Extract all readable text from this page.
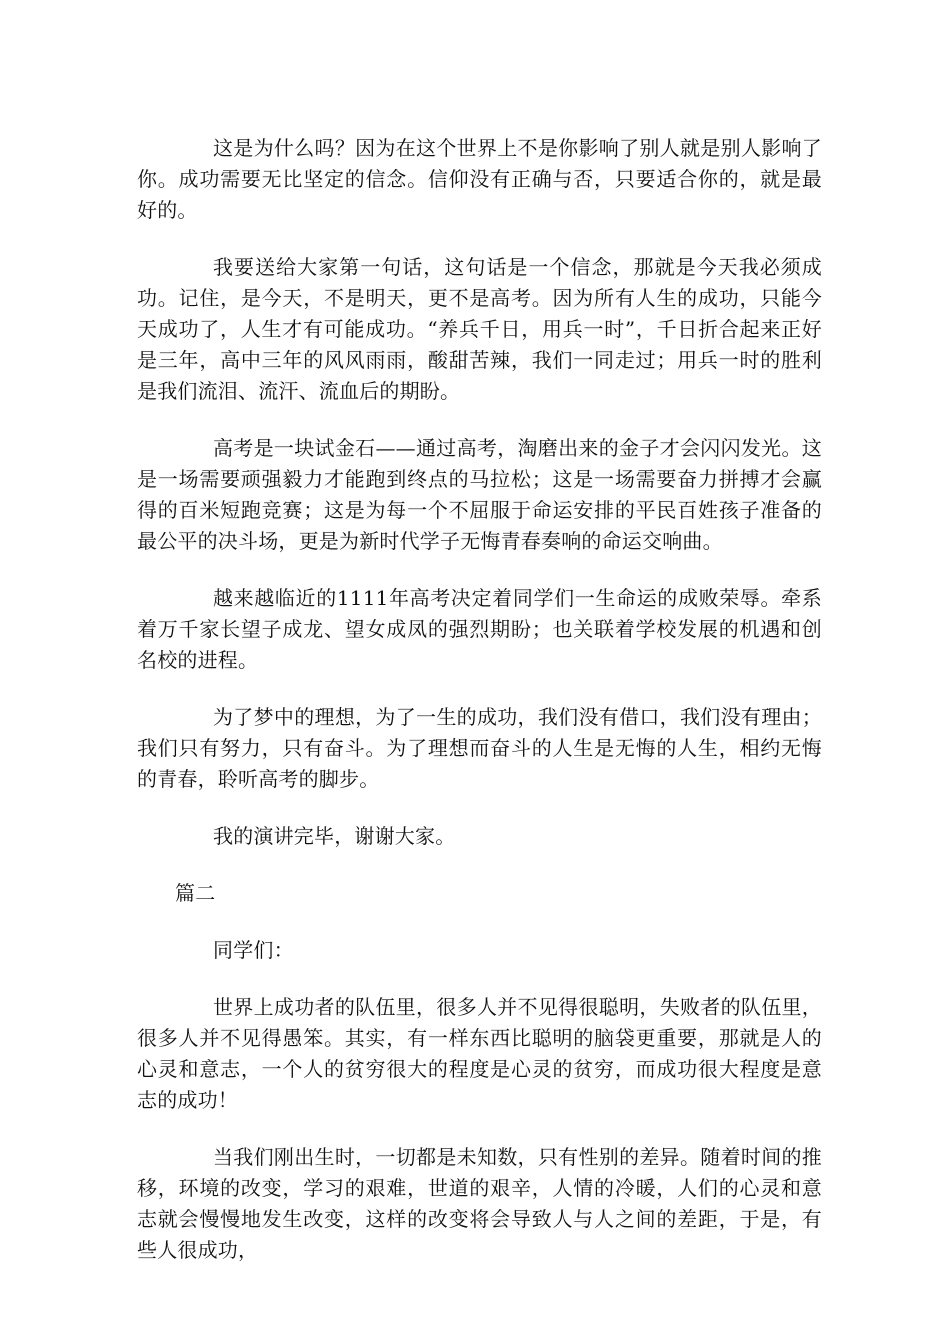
这是为什么吗？因为在这个世界上不是你影响了别人就是别人影响了你。成功需要无比坚定的信念。信仰没有正确与否，只要适合你的，就是最好的。

我要送给大家第一句话，这句话是一个信念，那就是今天我必须成功。记住，是今天，不是明天，更不是高考。因为所有人生的成功，只能今天成功了，人生才有可能成功。“养兵千日，用兵一时”，千日折合起来正好是三年，高中三年的风风雨雨，酸甜苦辣，我们一同走过；用兵一时的胜利是我们流泪、流汗、流血后的期盼。

高考是一块试金石——通过高考，淘磨出来的金子才会闪闪发光。这是一场需要顽强毅力才能跑到终点的马拉松；这是一场需要奋力拼搏才会赢得的百米短跑竞赛；这是为每一个不屈服于命运安排的平民百姓孩子准备的最公平的决斗场，更是为新时代学子无悔青春奏响的命运交响曲。

越来越临近的1111年高考决定着同学们一生命运的成败荣辱。牵系着万千家长望子成龙、望女成凤的强烈期盼；也关联着学校发展的机遇和创名校的进程。

为了梦中的理想，为了一生的成功，我们没有借口，我们没有理由；我们只有努力，只有奋斗。为了理想而奋斗的人生是无悔的人生，相约无悔的青春，聆听高考的脚步。

我的演讲完毕，谢谢大家。

篇二

同学们：

世界上成功者的队伍里，很多人并不见得很聪明，失败者的队伍里，很多人并不见得愚笨。其实，有一样东西比聪明的脑袋更重要，那就是人的心灵和意志，一个人的贫穷很大的程度是心灵的贫穷，而成功很大程度是意志的成功！

当我们刚出生时，一切都是未知数，只有性别的差异。随着时间的推移，环境的改变，学习的艰难，世道的艰辛，人情的冷暖，人们的心灵和意志就会慢慢地发生改变，这样的改变将会导致人与人之间的差距，于是，有些人很成功，
